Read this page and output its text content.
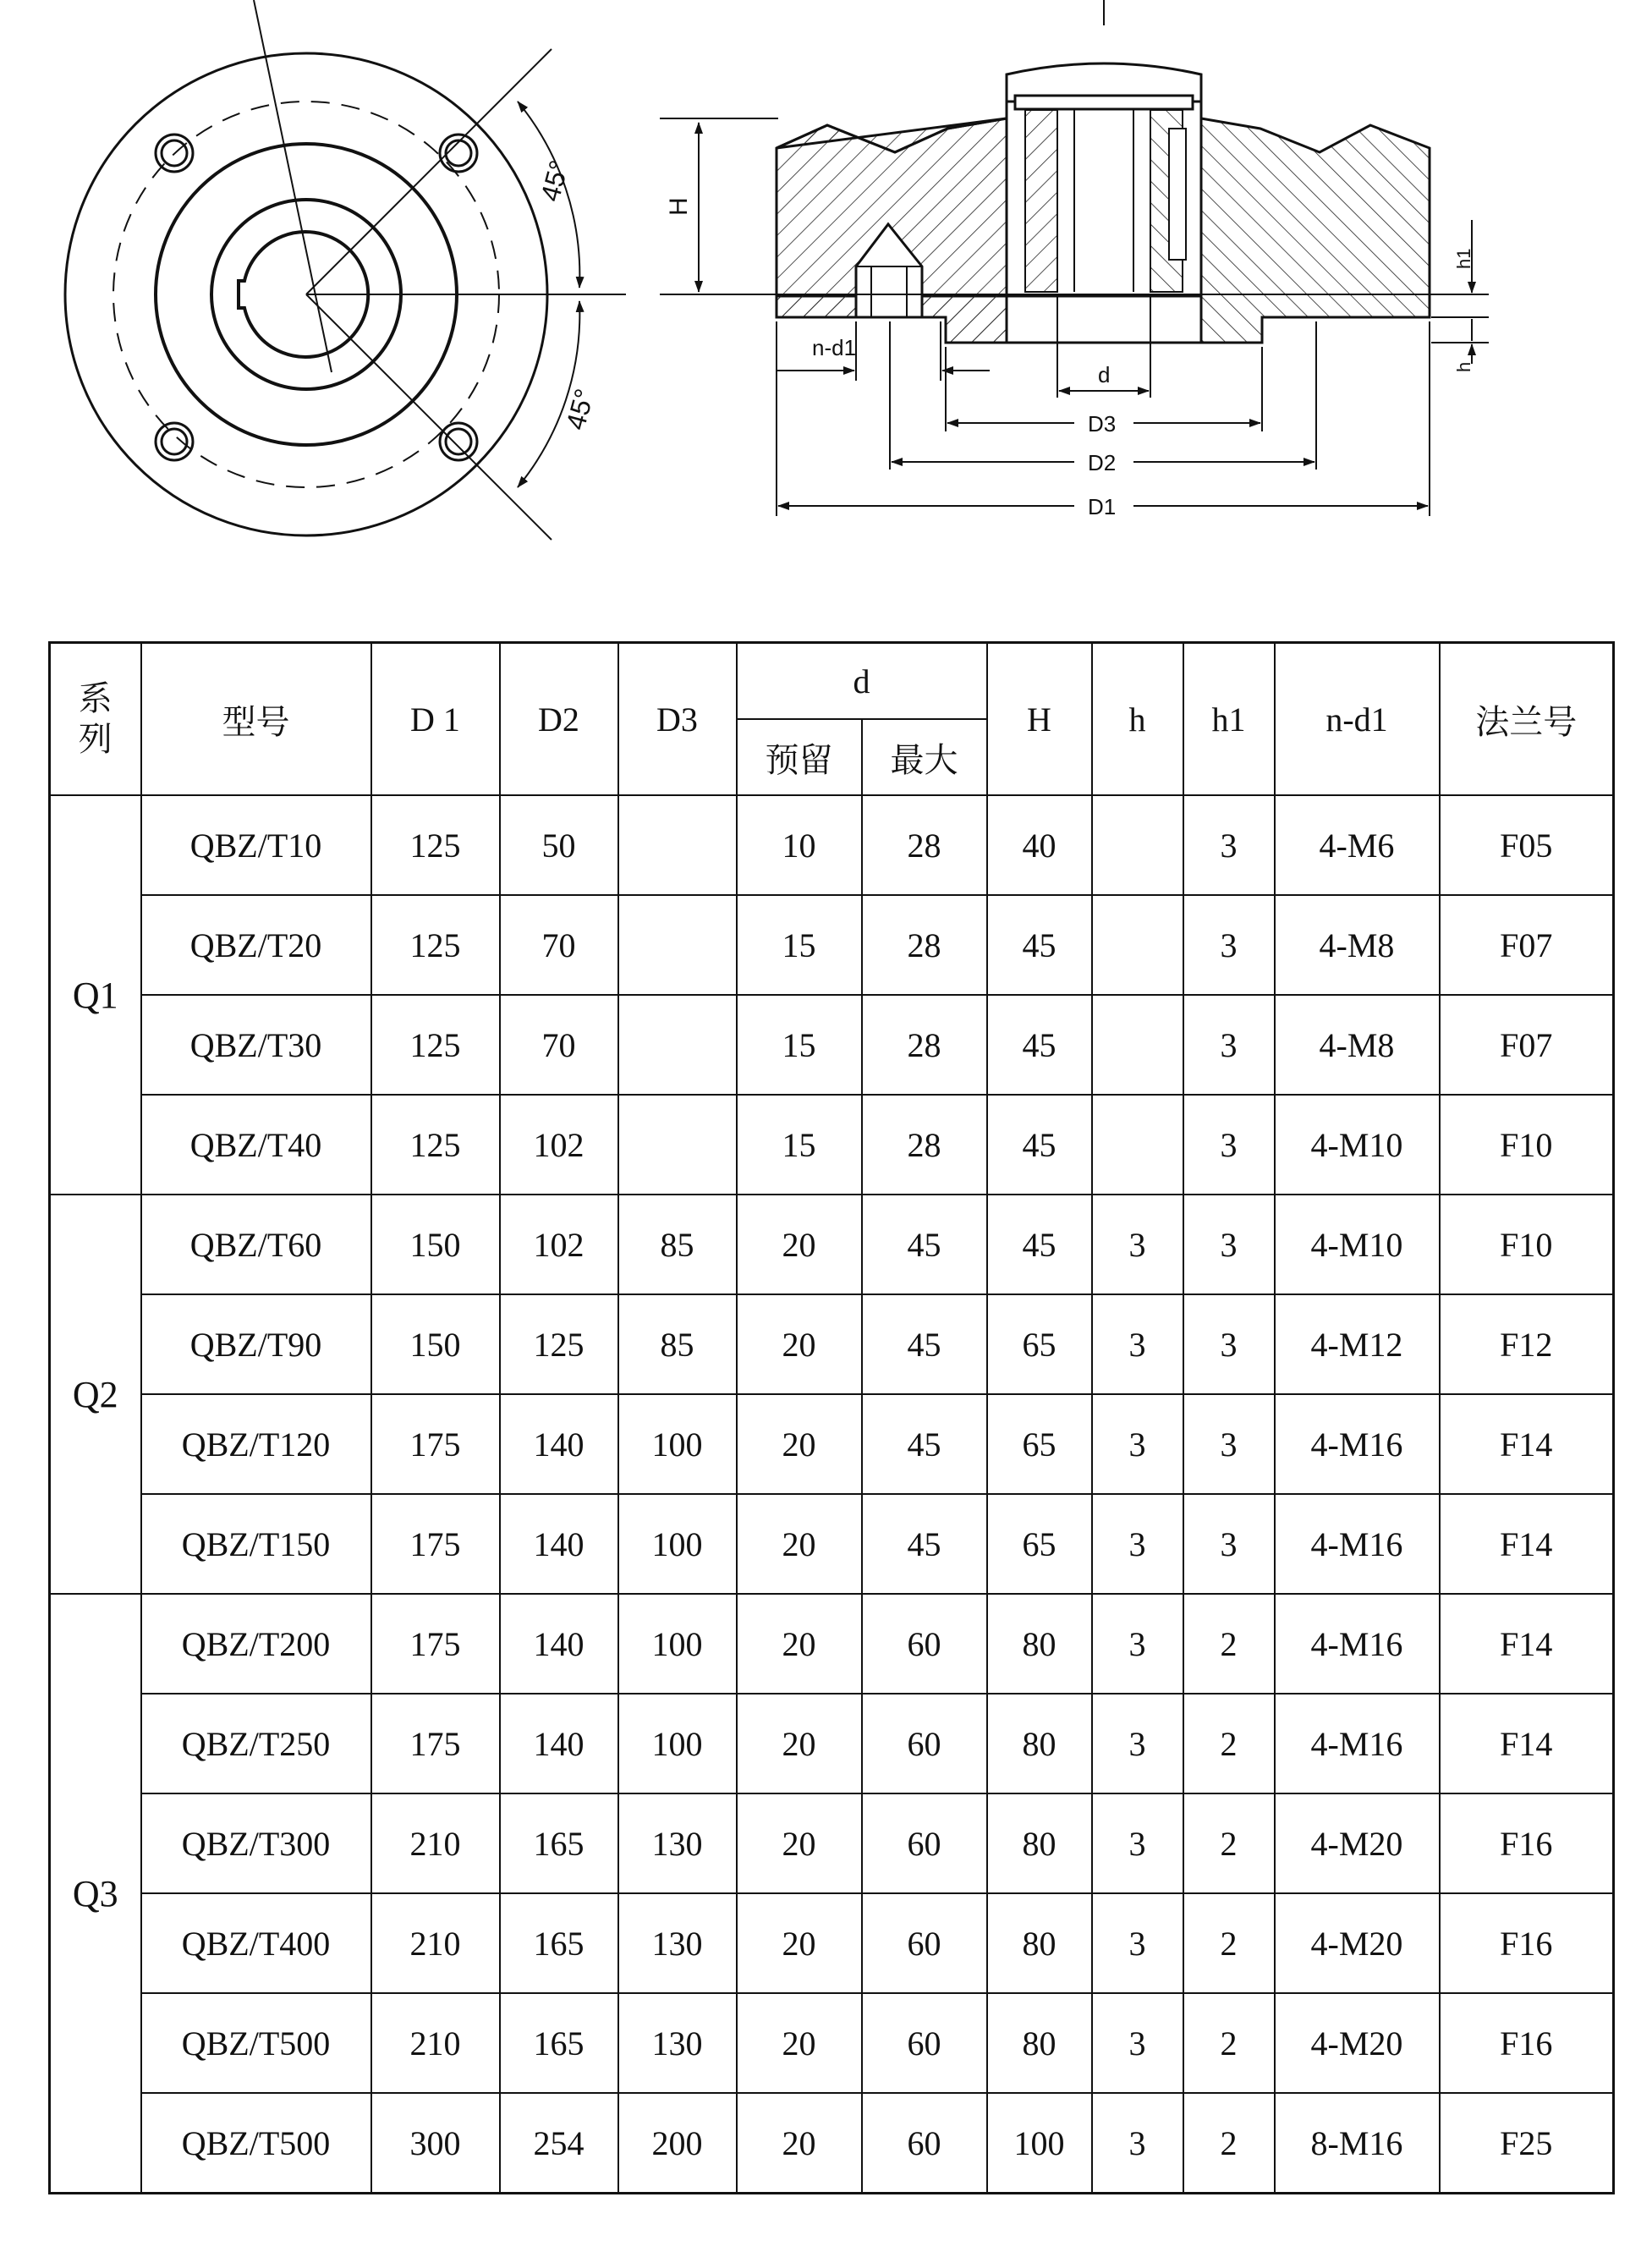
45°
45°
H
h1
h
n-d1
d
D3
D2
D1
系
列	型号	D 1	D2	D3	d		H	h	h1	n-d1	法兰号
					预留	最大					
Q1	QBZ/T10	125	50		10	28	40		3	4-M6	F05
	QBZ/T20	125	70		15	28	45		3	4-M8	F07
	QBZ/T30	125	70		15	28	45		3	4-M8	F07
	QBZ/T40	125	102		15	28	45		3	4-M10	F10
Q2	QBZ/T60	150	102	85	20	45	45	3	3	4-M10	F10
	QBZ/T90	150	125	85	20	45	65	3	3	4-M12	F12
	QBZ/T120	175	140	100	20	45	65	3	3	4-M16	F14
	QBZ/T150	175	140	100	20	45	65	3	3	4-M16	F14
Q3	QBZ/T200	175	140	100	20	60	80	3	2	4-M16	F14
	QBZ/T250	175	140	100	20	60	80	3	2	4-M16	F14
	QBZ/T300	210	165	130	20	60	80	3	2	4-M20	F16
	QBZ/T400	210	165	130	20	60	80	3	2	4-M20	F16
	QBZ/T500	210	165	130	20	60	80	3	2	4-M20	F16
	QBZ/T500	300	254	200	20	60	100	3	2	8-M16	F25
